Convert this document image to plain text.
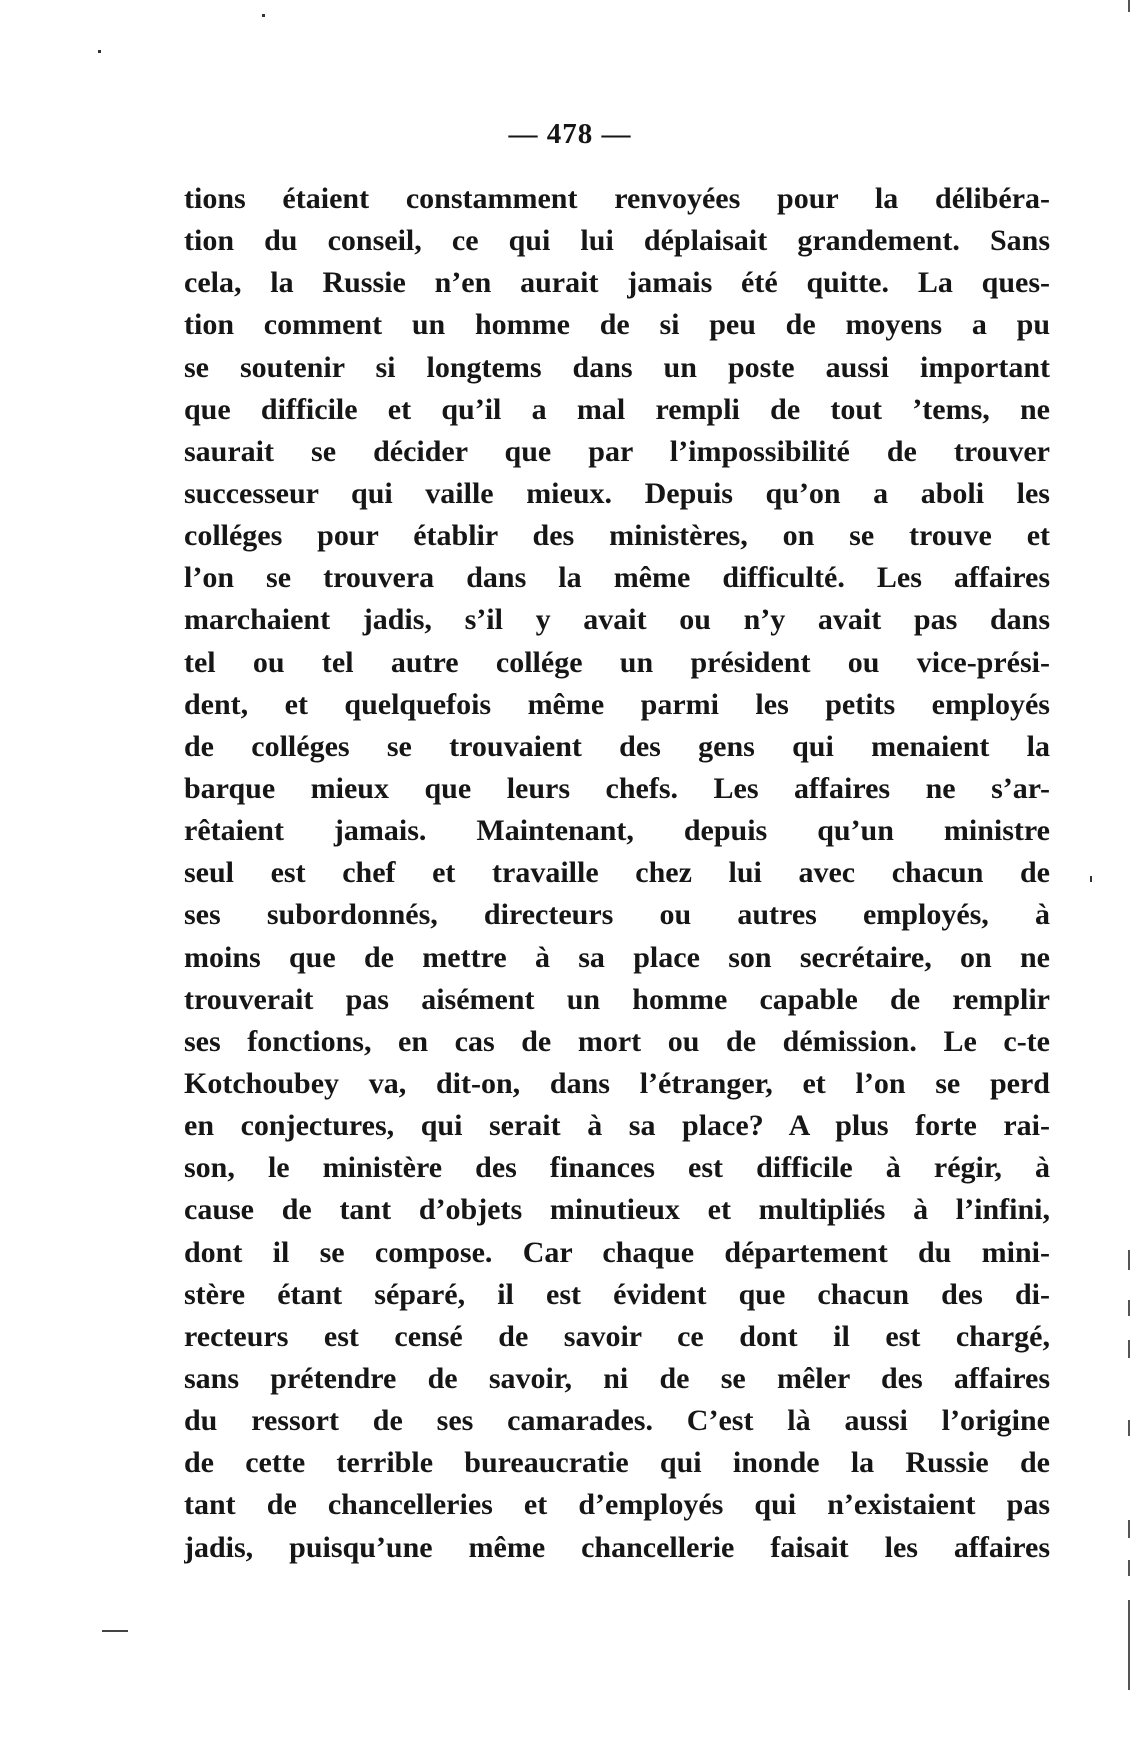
— 478 —
tions étaient constamment renvoyées pour la délibéra-
tion du conseil, ce qui lui déplaisait grandement. Sans
cela, la Russie n’en aurait jamais été quitte. La ques-
tion comment un homme de si peu de moyens a pu
se soutenir si longtems dans un poste aussi important
que difficile et qu’il a mal rempli de tout ’tems, ne
saurait se décider que par l’impossibilité de trouver
successeur qui vaille mieux. Depuis qu’on a aboli les
colléges pour établir des ministères, on se trouve et
l’on se trouvera dans la même difficulté. Les affaires
marchaient jadis, s’il y avait ou n’y avait pas dans
tel ou tel autre collége un président ou vice-prési-
dent, et quelquefois même parmi les petits employés
de colléges se trouvaient des gens qui menaient la
barque mieux que leurs chefs. Les affaires ne s’ar-
rêtaient jamais. Maintenant, depuis qu’un ministre
seul est chef et travaille chez lui avec chacun de
ses subordonnés, directeurs ou autres employés, à
moins que de mettre à sa place son secrétaire, on ne
trouverait pas aisément un homme capable de remplir
ses fonctions, en cas de mort ou de démission. Le c-te
Kotchoubey va, dit-on, dans l’étranger, et l’on se perd
en conjectures, qui serait à sa place? A plus forte rai-
son, le ministère des finances est difficile à régir, à
cause de tant d’objets minutieux et multipliés à l’infini,
dont il se compose. Car chaque département du mini-
stère étant séparé, il est évident que chacun des di-
recteurs est censé de savoir ce dont il est chargé,
sans prétendre de savoir, ni de se mêler des affaires
du ressort de ses camarades. C’est là aussi l’origine
de cette terrible bureaucratie qui inonde la Russie de
tant de chancelleries et d’employés qui n’existaient pas
jadis, puisqu’une même chancellerie faisait les affaires
